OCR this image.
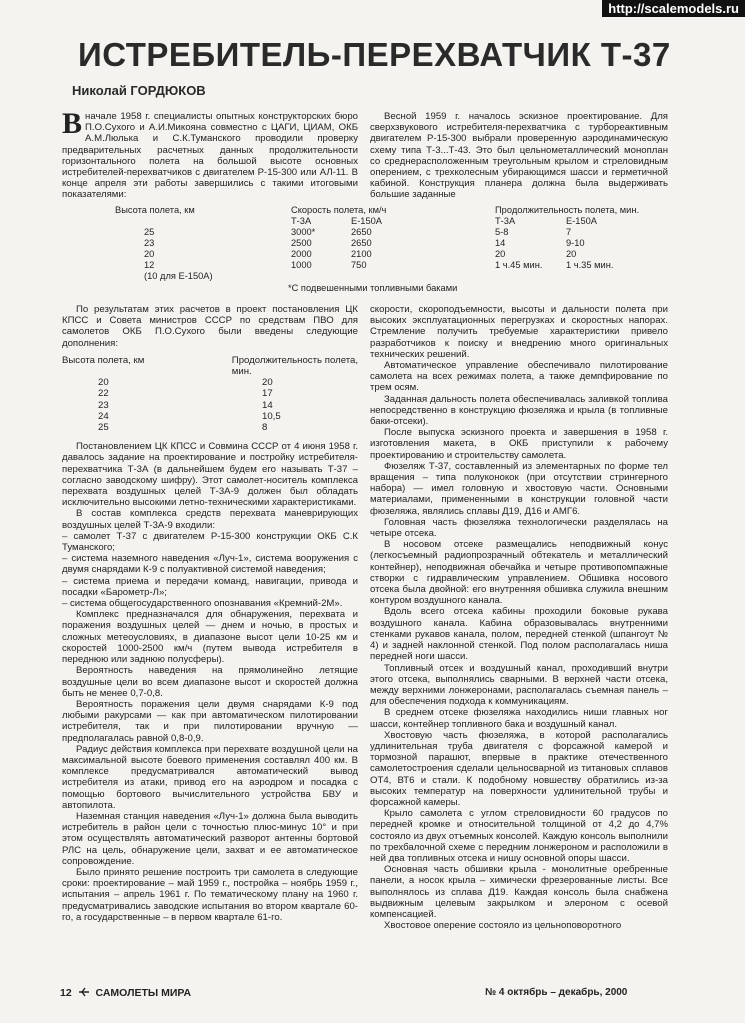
http://scalemodels.ru
ИСТРЕБИТЕЛЬ-ПЕРЕХВАТЧИК Т-37
Николай ГОРДЮКОВ

Вначале 1958 г. специалисты опытных конструкторских бюро П.О.Сухого и А.И.Микояна совместно с ЦАГИ, ЦИАМ, ОКБ А.М.Люлька и С.К.Туманского проводили проверку предварительных расчетных данных продолжительности горизонтального полета на большой высоте основных истребителей-перехватчиков с двигателем Р-15-300 или АЛ-11. В конце апреля эти работы завершились с такими итоговыми показателями:

Весной 1959 г. началось эскизное проектирование. Для сверхзвукового истребителя-перехватчика с турбореактивным двигателем Р-15-300 выбрали проверенную аэродинамическую схему типа Т-3...Т-43. Это был цельнометаллический моноплан со среднерасположенным треугольным крылом и стреловидным оперением, с трехколесным убирающимся шасси и герметичной кабиной. Конструкция планера должна была выдерживать большие заданные

Высота полета, км	Скорость полета, км/ч	Продолжительность полета, мин.
Т-3А	Е-150А	Т-3А	Е-150А
25	3000*	2650	5-8	7
23	2500	2650	14	9-10
20	2000	2100	20	20
12	1000	750	1 ч.45 мин.	1 ч.35 мин.
(10 для Е-150А)
*С подвешенными топливными баками

По результатам этих расчетов в проект постановления ЦК КПСС и Совета министров СССР по средствам ПВО для самолетов ОКБ П.О.Сухого были введены следующие дополнения:

Высота полета, км	Продолжительность полета, мин.
20	20
22	17
23	14
24	10,5
25	8

Постановлением ЦК КПСС и Совмина СССР от 4 июня 1958 г. давалось задание на проектирование и постройку истребителя-перехватчика Т-3А (в дальнейшем будем его называть Т-37 – согласно заводскому шифру). Этот самолет-носитель комплекса перехвата воздушных целей Т-3А-9 должен был обладать исключительно высокими летно-техническими характеристиками.

В состав комплекса средств перехвата маневрирующих воздушных целей Т-3А-9 входили:

– самолет Т-37 с двигателем Р-15-300 конструкции ОКБ С.К Туманского;

– система наземного наведения «Луч-1», система вооружения с двумя снарядами К-9 с полуактивной системой наведения;

– система приема и передачи команд, навигации, привода и посадки «Барометр-Л»;

– система общегосударственного опознавания «Кремний-2М».

Комплекс предназначался для обнаружения, перехвата и поражения воздушных целей — днем и ночью, в простых и сложных метеоусловиях, в диапазоне высот цели 10-25 км и скоростей 1000-2500 км/ч (путем вывода истребителя в переднюю или заднюю полусферы).

Вероятность наведения на прямолинейно летящие воздушные цели во всем диапазоне высот и скоростей должна быть не менее 0,7-0,8.

Вероятность поражения цели двумя снарядами К-9 под любыми ракурсами — как при автоматическом пилотировании истребителя, так и при пилотировании вручную — предполагалась равной 0,8-0,9.

Радиус действия комплекса при перехвате воздушной цели на максимальной высоте боевого применения составлял 400 км. В комплексе предусматривался автоматический вывод истребителя из атаки, привод его на аэродром и посадка с помощью бортового вычислительного устройства БВУ и автопилота.

Наземная станция наведения «Луч-1» должна была выводить истребитель в район цели с точностью плюс-минус 10° и при этом осуществлять автоматический разворот антенны бортовой РЛС на цель, обнаружение цели, захват и ее автоматическое сопровождение.

Было принято решение построить три самолета в следующие сроки: проектирование – май 1959 г., постройка – ноябрь 1959 г., испытания – апрель 1961 г. По тематическому плану на 1960 г. предусматривались заводские испытания во втором квартале 60-го, а государственные – в первом квартале 61-го.

скорости, скороподъемности, высоты и дальности полета при высоких эксплуатационных перегрузках и скоростных напорах. Стремление получить требуемые характеристики привело разработчиков к поиску и внедрению много оригинальных технических решений.

Автоматическое управление обеспечивало пилотирование самолета на всех режимах полета, а также демпфирование по трем осям.

Заданная дальность полета обеспечивалась заливкой топлива непосредственно в конструкцию фюзеляжа и крыла (в топливные баки-отсеки).

После выпуска эскизного проекта и завершения в 1958 г. изготовления макета, в ОКБ приступили к рабочему проектированию и строительству самолета.

Фюзеляж Т-37, составленный из элементарных по форме тел вращения – типа полуконокок (при отсутствии стрингерного набора) — имел головную и хвостовую части. Основными материалами, примененными в конструкции головной части фюзеляжа, являлись сплавы Д19, Д16 и АМГ6.

Головная часть фюзеляжа технологически разделялась на четыре отсека.

В носовом отсеке размещались неподвижный конус (легкосъемный радиопрозрачный обтекатель и металлический контейнер), неподвижная обечайка и четыре противопомпажные створки с гидравлическим управлением. Обшивка носового отсека была двойной: его внутренняя обшивка служила внешним контуром воздушного канала.

Вдоль всего отсека кабины проходили боковые рукава воздушного канала. Кабина образовывалась внутренними стенками рукавов канала, полом, передней стенкой (шпангоут № 4) и задней наклонной стенкой. Под полом располагалась ниша передней ноги шасси.

Топливный отсек и воздушный канал, проходивший внутри этого отсека, выполнялись сварными. В верхней части отсека, между верхними лонжеронами, располагалась съемная панель – для обеспечения подхода к коммуникациям.

В среднем отсеке фюзеляжа находились ниши главных ног шасси, контейнер топливного бака и воздушный канал.

Хвостовую часть фюзеляжа, в которой располагались удлинительная труба двигателя с форсажной камерой и тормозной парашют, впервые в практике отечественного самолетостроения сделали цельносварной из титановых сплавов ОТ4, ВТ6 и стали. К подобному новшеству обратились из-за высоких температур на поверхности удлинительной трубы и форсажной камеры.

Крыло самолета с углом стреловидности 60 градусов по передней кромке и относительной толщиной от 4,2 до 4,7% состояло из двух отъемных консолей. Каждую консоль выполнили по трехбалочной схеме с передним лонжероном и расположили в ней два топливных отсека и нишу основной опоры шасси.

Основная часть обшивки крыла - монолитные оребренные панели, а носок крыла – химически фрезерованные листы. Все выполнялось из сплава Д19. Каждая консоль была снабжена выдвижным целевым закрылком и элероном с осевой компенсацией.

Хвостовое оперение состояло из цельноповоротного

12 САМОЛЕТЫ МИРА	№ 4 октябрь – декабрь, 2000
